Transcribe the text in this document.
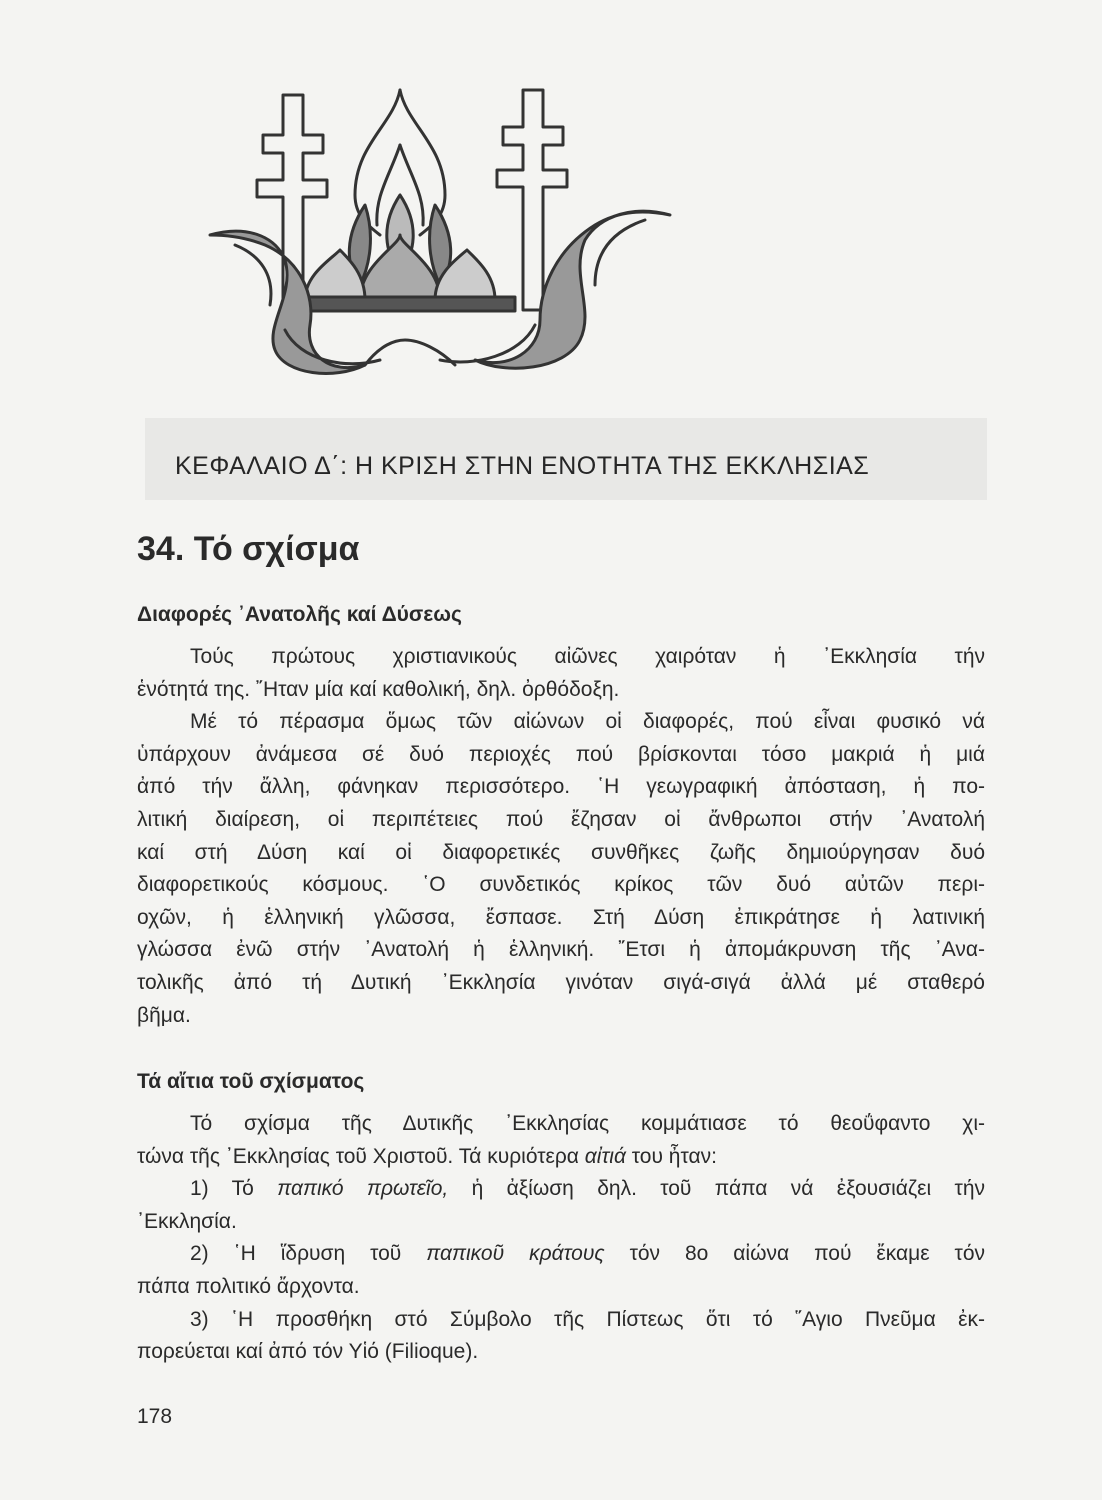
ΚΕΦΑΛΑΙΟ Δ΄: Η ΚΡΙΣΗ ΣΤΗΝ ΕΝΟΤΗΤΑ ΤΗΣ ΕΚΚΛΗΣΙΑΣ
34. Τό σχίσμα
Διαφορές ᾽Ανατολῆς καί Δύσεως
Τούς πρώτους χριστιανικούς αἰῶνες χαιρόταν ἡ ᾽Εκκλησία τήν
ἑνότητά της. ῎Ηταν μία καί καθολική, δηλ. ὀρθόδοξη.
Μέ τό πέρασμα ὅμως τῶν αἰώνων οἱ διαφορές, πού εἶναι φυσικό νά
ὑπάρχουν ἀνάμεσα σέ δυό περιοχές πού βρίσκονται τόσο μακριά ἡ μιά
ἀπό τήν ἄλλη, φάνηκαν περισσότερο. ῾Η γεωγραφική ἀπόσταση, ἡ πο-
λιτική διαίρεση, οἱ περιπέτειες πού ἔζησαν οἱ ἄνθρωποι στήν ᾽Ανατολή
καί στή Δύση καί οἱ διαφορετικές συνθῆκες ζωῆς δημιούργησαν δυό
διαφορετικούς κόσμους. ῾Ο συνδετικός κρίκος τῶν δυό αὐτῶν περι-
οχῶν, ἡ ἑλληνική γλῶσσα, ἔσπασε. Στή Δύση ἐπικράτησε ἡ λατινική
γλώσσα ἐνῶ στήν ᾽Ανατολή ἡ ἑλληνική. ῎Ετσι ἡ ἀπομάκρυνση τῆς ᾽Ανα-
τολικῆς ἀπό τή Δυτική ᾽Εκκλησία γινόταν σιγά-σιγά ἀλλά μέ σταθερό
βῆμα.
Τά αἴτια τοῦ σχίσματος
Τό σχίσμα τῆς Δυτικῆς ᾽Εκκλησίας κομμάτιασε τό θεοΰφαντο χι-
τώνα τῆς ᾽Εκκλησίας τοῦ Χριστοῦ. Τά κυριότερα αἰτιά του ἦταν:
1) Τό παπικό πρωτεῖο, ἡ ἀξίωση δηλ. τοῦ πάπα νά ἐξουσιάζει τήν
᾽Εκκλησία.
2) ῾Η ἵδρυση τοῦ παπικοῦ κράτους τόν 8ο αἰώνα πού ἔκαμε τόν
πάπα πολιτικό ἄρχοντα.
3) ῾Η προσθήκη στό Σύμβολο τῆς Πίστεως ὅτι τό ῞Αγιο Πνεῦμα ἐκ-
πορεύεται καί ἀπό τόν Υἱό (Filioque).
178
